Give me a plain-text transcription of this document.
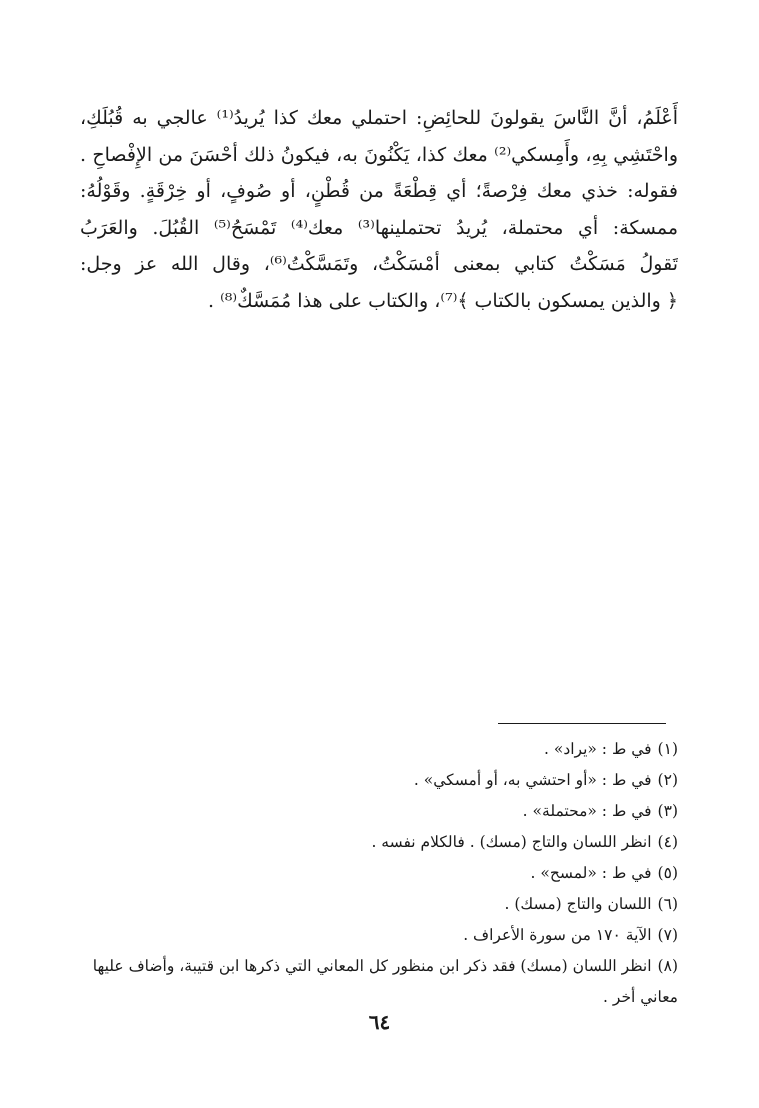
أَعْلَمُ، أنَّ النَّاسَ يقولونَ للحائِضِ: احتملي معك كذا يُريدُ⁽¹⁾ عالجي به قُبُلَكِ،
واحْتَشِي بِهِ، وأَمِسكي⁽²⁾ معك كذا، يَكْنُونَ به، فيكونُ ذلك أحْسَنَ من الإِفْصاحِ .
فقوله: خذي معك فِرْصةً؛ أي قِطْعَةً من قُطْنٍ، أو صُوفٍ، أو خِرْقَةٍ. وقَوْلُهُ:
ممسكة: أي محتملة، يُريدُ تحتملينها⁽³⁾ معك⁽⁴⁾ تَمْسَحُ⁽⁵⁾ القُبُلَ. والعَرَبُ
تَقولُ مَسَكْتُ كتابي بمعنى أمْسَكْتُ، وتَمَسَّكْتُ⁽⁶⁾، وقال الله عز وجل:
﴿ والذين يمسكون بالكتاب ﴾⁽⁷⁾، والكتاب على هذا مُمَسَّكٌ⁽⁸⁾ .
(١)في ط : «يراد» .
(٢)في ط : «أو احتشي به، أو أمسكي» .
(٣)في ط : «محتملة» .
(٤)انظر اللسان والتاج (مسك) . فالكلام نفسه .
(٥)في ط : «لمسح» .
(٦)اللسان والتاج (مسك) .
(٧)الآية ١٧٠ من سورة الأعراف .
(٨)انظر اللسان (مسك) فقد ذكر ابن منظور كل المعاني التي ذكرها ابن قتيبة، وأضاف عليها
معاني أخر .
٦٤
